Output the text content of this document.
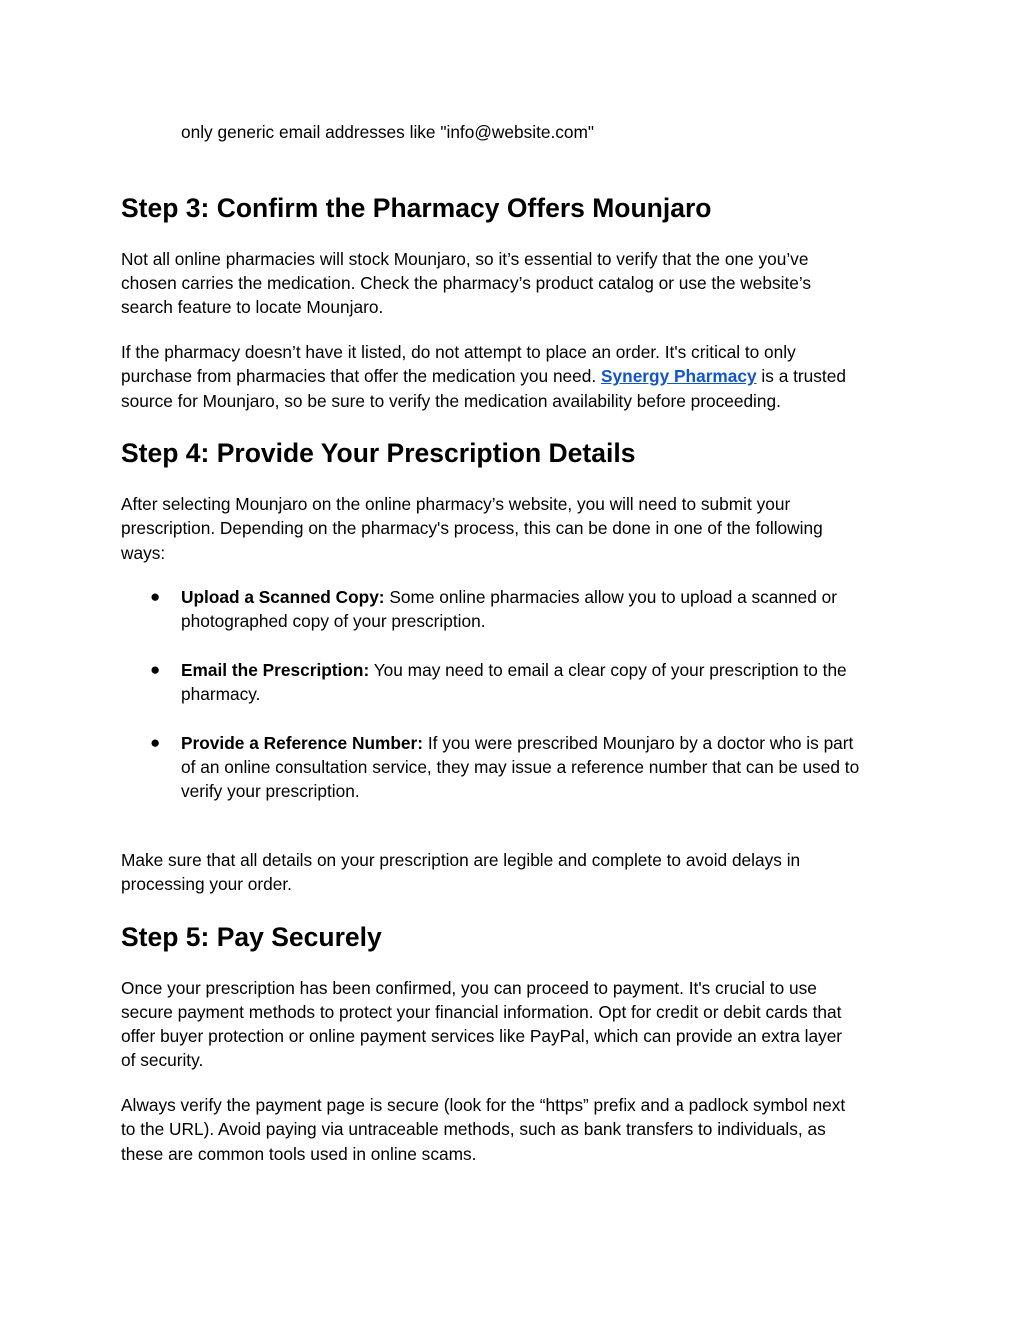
only generic email addresses like "info@website.com"
Step 3: Confirm the Pharmacy Offers Mounjaro
Not all online pharmacies will stock Mounjaro, so it’s essential to verify that the one you’ve
chosen carries the medication. Check the pharmacy’s product catalog or use the website’s
search feature to locate Mounjaro.
If the pharmacy doesn’t have it listed, do not attempt to place an order. It's critical to only
purchase from pharmacies that offer the medication you need. Synergy Pharmacy is a trusted
source for Mounjaro, so be sure to verify the medication availability before proceeding.
Step 4: Provide Your Prescription Details
After selecting Mounjaro on the online pharmacy’s website, you will need to submit your
prescription. Depending on the pharmacy's process, this can be done in one of the following
ways:
● Upload a Scanned Copy: Some online pharmacies allow you to upload a scanned or
photographed copy of your prescription.
● Email the Prescription: You may need to email a clear copy of your prescription to the
pharmacy.
● Provide a Reference Number: If you were prescribed Mounjaro by a doctor who is part
of an online consultation service, they may issue a reference number that can be used to
verify your prescription.
Make sure that all details on your prescription are legible and complete to avoid delays in
processing your order.
Step 5: Pay Securely
Once your prescription has been confirmed, you can proceed to payment. It's crucial to use
secure payment methods to protect your financial information. Opt for credit or debit cards that
offer buyer protection or online payment services like PayPal, which can provide an extra layer
of security.
Always verify the payment page is secure (look for the “https” prefix and a padlock symbol next
to the URL). Avoid paying via untraceable methods, such as bank transfers to individuals, as
these are common tools used in online scams.
